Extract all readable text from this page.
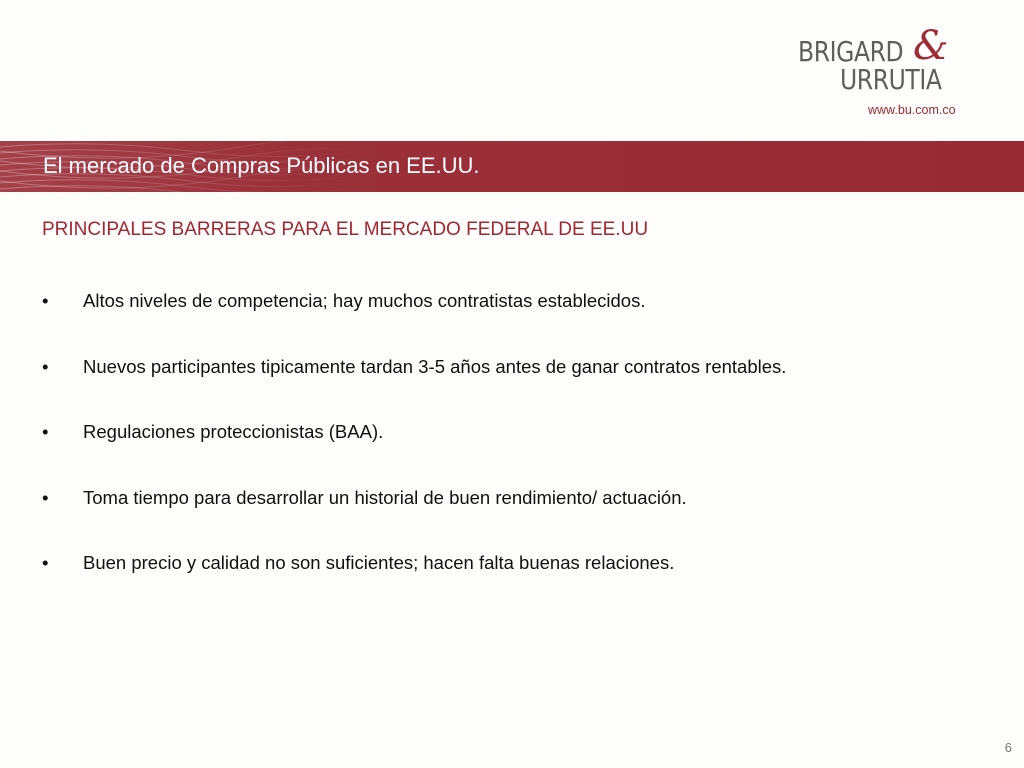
BRIGARD &
URRUTIA
www.bu.com.co
El mercado de Compras Públicas en EE.UU.
PRINCIPALES BARRERAS PARA EL MERCADO FEDERAL DE EE.UU
•	Altos niveles de competencia; hay muchos contratistas establecidos.
•	Nuevos participantes tipicamente tardan 3-5 años antes de ganar contratos rentables.
•	Regulaciones proteccionistas (BAA).
•	Toma tiempo para desarrollar un historial de buen rendimiento/ actuación.
•	Buen precio y calidad no son suficientes; hacen falta buenas relaciones.
6
